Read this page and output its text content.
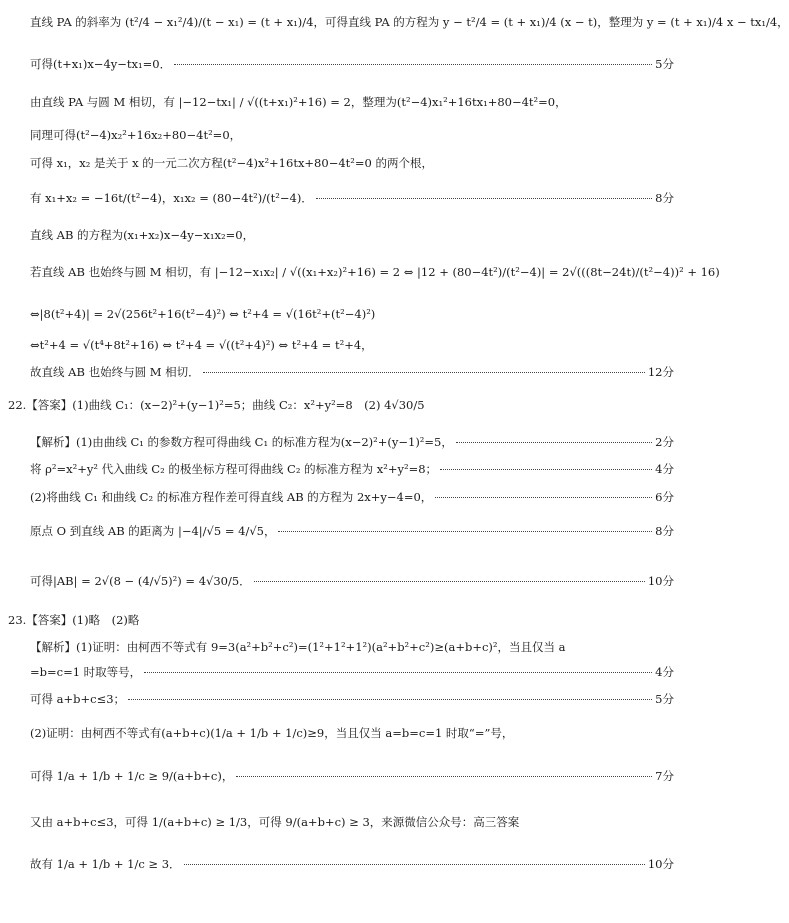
直线 PA 的斜率为 (t²/4 − x₁²/4)/(t − x₁) = (t + x₁)/4，可得直线 PA 的方程为 y − t²/4 = (t + x₁)/4 (x − t)，整理为 y = (t + x₁)/4 x − tx₁/4，
可得(t+x₁)x−4y−tx₁=0．	5分
由直线 PA 与圆 M 相切，有 |−12−tx₁| / √((t+x₁)²+16) = 2，整理为(t²−4)x₁²+16tx₁+80−4t²=0，
同理可得(t²−4)x₂²+16x₂+80−4t²=0，
可得 x₁，x₂ 是关于 x 的一元二次方程(t²−4)x²+16tx+80−4t²=0 的两个根，
有 x₁+x₂ = −16t/(t²−4)，x₁x₂ = (80−4t²)/(t²−4)．	8分
直线 AB 的方程为(x₁+x₂)x−4y−x₁x₂=0，
若直线 AB 也始终与圆 M 相切，有 |−12−x₁x₂| / √((x₁+x₂)²+16) = 2 ⇔ |12 + (80−4t²)/(t²−4)| = 2√(((8t−24t)/(t²−4))² + 16)
⇔|8(t²+4)| = 2√(256t²+16(t²−4)²) ⇔ t²+4 = √(16t²+(t²−4)²)
⇔t²+4 = √(t⁴+8t²+16) ⇔ t²+4 = √((t²+4)²) ⇔ t²+4 = t²+4，
故直线 AB 也始终与圆 M 相切．	12分
22.【答案】(1)曲线 C₁：(x−2)²+(y−1)²=5；曲线 C₂：x²+y²=8　(2) 4√30/5
【解析】(1)由曲线 C₁ 的参数方程可得曲线 C₁ 的标准方程为(x−2)²+(y−1)²=5，	2分
将 ρ²=x²+y² 代入曲线 C₂ 的极坐标方程可得曲线 C₂ 的标准方程为 x²+y²=8；	4分
(2)将曲线 C₁ 和曲线 C₂ 的标准方程作差可得直线 AB 的方程为 2x+y−4=0，	6分
原点 O 到直线 AB 的距离为 |−4|/√5 = 4/√5，	8分
可得|AB| = 2√(8 − (4/√5)²) = 4√30/5．	10分
23.【答案】(1)略　(2)略
【解析】(1)证明：由柯西不等式有 9=3(a²+b²+c²)=(1²+1²+1²)(a²+b²+c²)≥(a+b+c)²，当且仅当 a
=b=c=1 时取等号，	4分
可得 a+b+c≤3；	5分
(2)证明：由柯西不等式有(a+b+c)(1/a + 1/b + 1/c)≥9，当且仅当 a=b=c=1 时取“=”号，
可得 1/a + 1/b + 1/c ≥ 9/(a+b+c)，	7分
又由 a+b+c≤3，可得 1/(a+b+c) ≥ 1/3，可得 9/(a+b+c) ≥ 3，来源微信公众号：高三答案
故有 1/a + 1/b + 1/c ≥ 3．	10分
